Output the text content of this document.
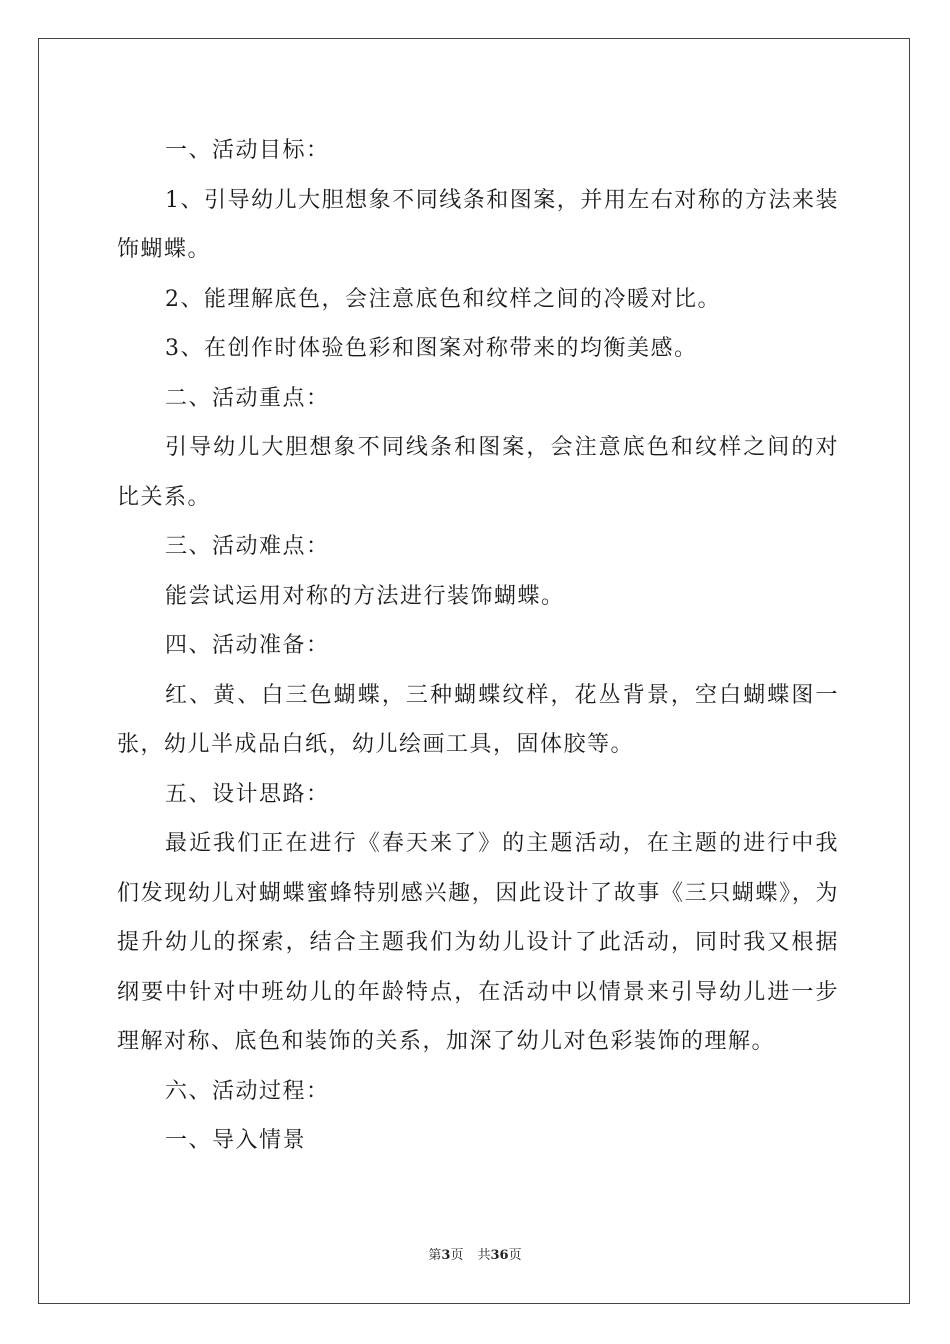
一、活动目标：

1、引导幼儿大胆想象不同线条和图案，并用左右对称的方法来装饰蝴蝶。

2、能理解底色，会注意底色和纹样之间的冷暖对比。

3、在创作时体验色彩和图案对称带来的均衡美感。

二、活动重点：

引导幼儿大胆想象不同线条和图案，会注意底色和纹样之间的对比关系。

三、活动难点：

能尝试运用对称的方法进行装饰蝴蝶。

四、活动准备：

红、黄、白三色蝴蝶，三种蝴蝶纹样，花丛背景，空白蝴蝶图一张，幼儿半成品白纸，幼儿绘画工具，固体胶等。

五、设计思路：

最近我们正在进行《春天来了》的主题活动，在主题的进行中我们发现幼儿对蝴蝶蜜蜂特别感兴趣，因此设计了故事《三只蝴蝶》，为提升幼儿的探索，结合主题我们为幼儿设计了此活动，同时我又根据纲要中针对中班幼儿的年龄特点，在活动中以情景来引导幼儿进一步理解对称、底色和装饰的关系，加深了幼儿对色彩装饰的理解。

六、活动过程：

一、导入情景

第3页 共36页
